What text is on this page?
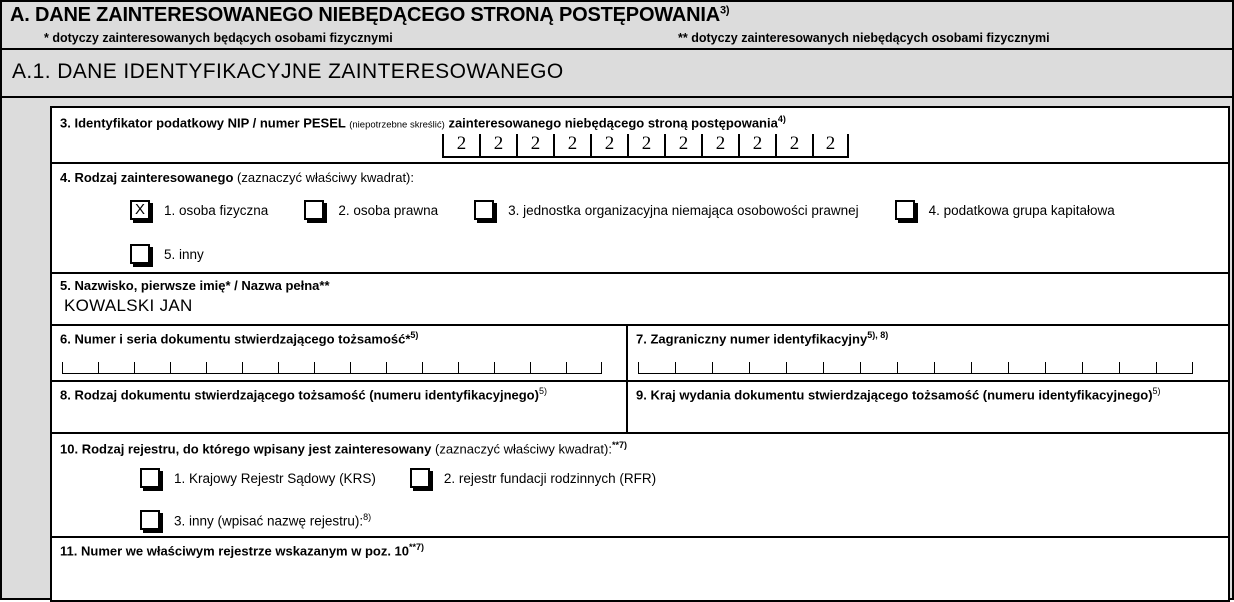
A. DANE ZAINTERESOWANEGO NIEBĘDĄCEGO STRONĄ POSTĘPOWANIA$^{3)}$
* dotyczy zainteresowanych będących osobami fizycznymi	** dotyczy zainteresowanych niebędących osobami fizycznymi
A.1. DANE IDENTYFIKACYJNE ZAINTERESOWANEGO
3. Identyfikator podatkowy NIP / numer PESEL (niepotrzebne skreślić) zainteresowanego niebędącego stroną postępowania$^{4)}$
2	2	2	2	2	2	2	2	2	2	2
4. Rodzaj zainteresowanego (zaznaczyć właściwy kwadrat):
X	1. osoba fizyczna	2. osoba prawna	3. jednostka organizacyjna niemająca osobowości prawnej	4. podatkowa grupa kapitałowa
5. inny
5. Nazwisko, pierwsze imię* / Nazwa pełna**
KOWALSKI JAN
6. Numer i seria dokumentu stwierdzającego tożsamość*$^{5)}$	7. Zagraniczny numer identyfikacyjny$^{5), 8)}$
8. Rodzaj dokumentu stwierdzającego tożsamość (numeru identyfikacyjnego)$^{5)}$	9. Kraj wydania dokumentu stwierdzającego tożsamość (numeru identyfikacyjnego)$^{5)}$
10. Rodzaj rejestru, do którego wpisany jest zainteresowany (zaznaczyć właściwy kwadrat):$^{**7)}$
1. Krajowy Rejestr Sądowy (KRS)	2. rejestr fundacji rodzinnych (RFR)
3. inny (wpisać nazwę rejestru):$^{8)}$
11. Numer we właściwym rejestrze wskazanym w poz. 10$^{**7)}$
